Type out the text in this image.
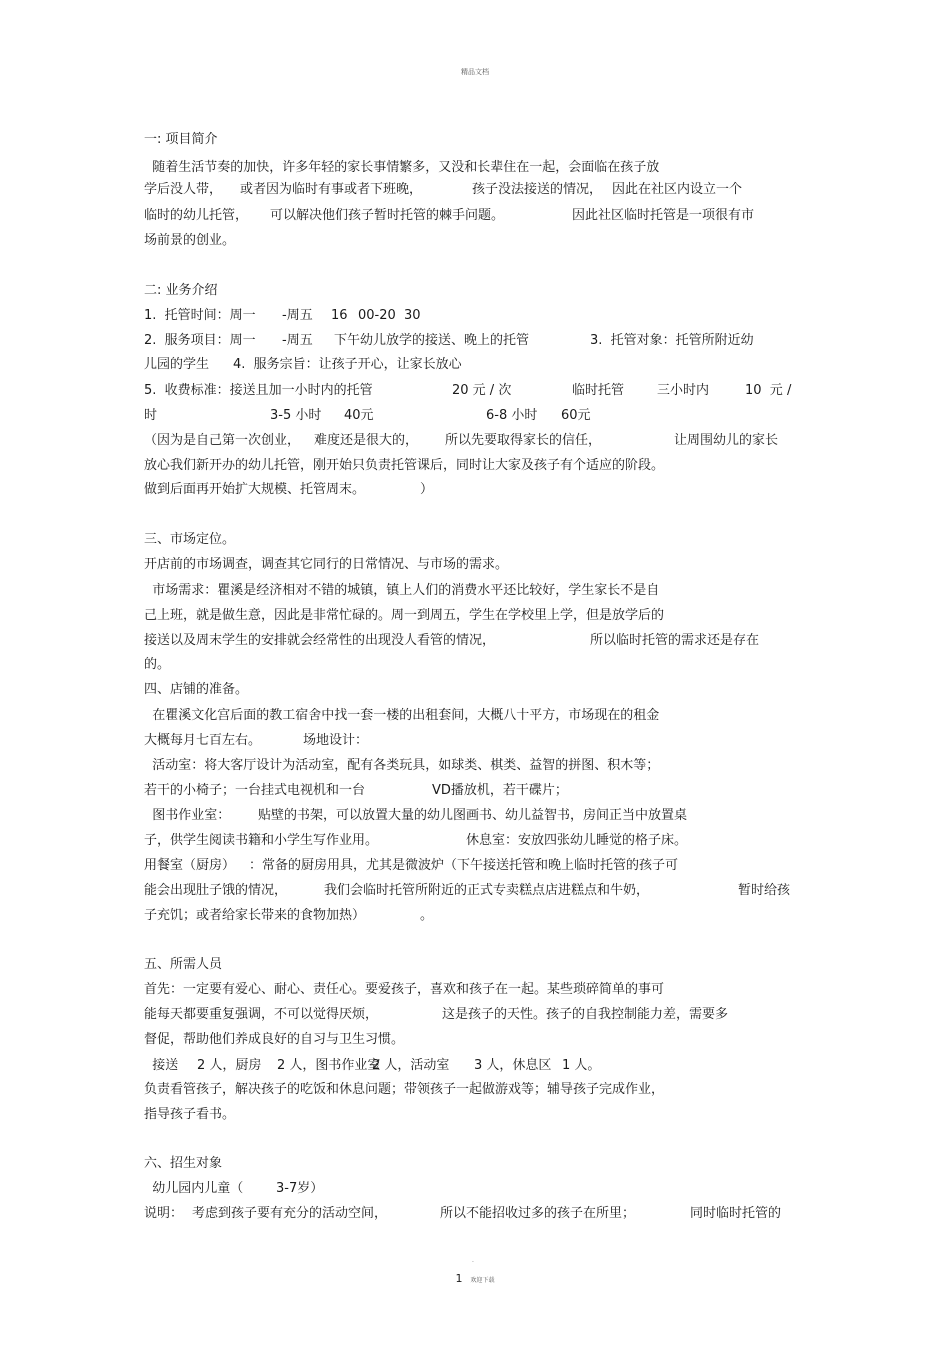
精品文档
一: 项目简介
随着生活节奏的加快，许多年轻的家长事情繁多，又没和长辈住在一起，会面临在孩子放
学后没人带， 或者因为临时有事或者下班晚，	孩子没法接送的情况， 因此在社区内设立一个
临时的幼儿托管， 可以解决他们孩子暂时托管的棘手问题。	因此社区临时托管是一项很有市
场前景的创业。
二: 业务介绍
1.  托管时间：周一 -周五 16 00-20 30
2.  服务项目：周一 -周五 下午幼儿放学的接送、晚上的托管	3.  托管对象：托管所附近幼
儿园的学生 4.  服务宗旨：让孩子开心，让家长放心
5.  收费标准：接送且加一小时内的托管	20 元 / 次	临时托管	三小时内	10  元 /
时	3-5 小时 40元	6-8 小时 60元
（因为是自己第一次创业， 难度还是很大的， 所以先要取得家长的信任，	让周围幼儿的家长
放心我们新开办的幼儿托管，刚开始只负责托管课后，同时让大家及孩子有个适应的阶段。
做到后面再开始扩大规模、托管周末。	）
三、市场定位。
开店前的市场调查，调查其它同行的日常情况、与市场的需求。
市场需求：瞿溪是经济相对不错的城镇，镇上人们的消费水平还比较好，学生家长不是自
己上班，就是做生意，因此是非常忙碌的。周一到周五，学生在学校里上学，但是放学后的
接送以及周末学生的安排就会经常性的出现没人看管的情况，	所以临时托管的需求还是存在
的。
四、店铺的准备。
在瞿溪文化宫后面的教工宿舍中找一套一楼的出租套间，大概八十平方，市场现在的租金
大概每月七百左右。	场地设计：
活动室：将大客厅设计为活动室，配有各类玩具，如球类、棋类、益智的拼图、积木等；
若干的小椅子；一台挂式电视机和一台	VD播放机，若干碟片；
图书作业室： 贴壁的书架，可以放置大量的幼儿图画书、幼儿益智书，房间正当中放置桌
子，供学生阅读书籍和小学生写作业用。	休息室：安放四张幼儿睡觉的格子床。
用餐室（厨房） ：常备的厨房用具，尤其是微波炉（下午接送托管和晚上临时托管的孩子可
能会出现肚子饿的情况，	我们会临时托管所附近的正式专卖糕点店进糕点和牛奶，	暂时给孩
子充饥；或者给家长带来的食物加热）	。
五、所需人员
首先：一定要有爱心、耐心、责任心。要爱孩子，喜欢和孩子在一起。某些琐碎简单的事可
能每天都要重复强调，不可以觉得厌烦，	这是孩子的天性。孩子的自我控制能力差，需要多
督促，帮助他们养成良好的自习与卫生习惯。
接送 2 人，厨房 2 人，图书作业室
2 人，活动室 3 人，休息区 1 人。
负责看管孩子，解决孩子的吃饭和休息问题；带领孩子一起做游戏等；辅导孩子完成作业，
指导孩子看书。
六、招生对象
幼儿园内儿童（	3-7岁）
说明： 考虑到孩子要有充分的活动空间，	所以不能招收过多的孩子在所里；	同时临时托管的
.
1 欢迎下载
